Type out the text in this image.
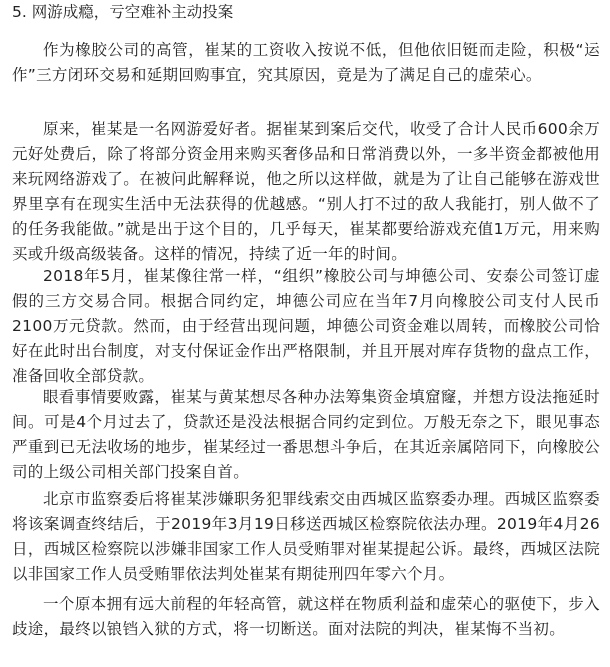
5. 网游成瘾，亏空难补主动投案

作为橡胶公司的高管，崔某的工资收入按说不低，但他依旧铤而走险，积极“运作”三方闭环交易和延期回购事宜，究其原因，竟是为了满足自己的虚荣心。

原来，崔某是一名网游爱好者。据崔某到案后交代，收受了合计人民币600余万元好处费后，除了将部分资金用来购买奢侈品和日常消费以外，一多半资金都被他用来玩网络游戏了。在被问此解释说，他之所以这样做，就是为了让自己能够在游戏世界里享有在现实生活中无法获得的优越感。“别人打不过的敌人我能打，别人做不了的任务我能做。”就是出于这个目的，几乎每天，崔某都要给游戏充值1万元，用来购买或升级高级装备。这样的情况，持续了近一年的时间。

2018年5月，崔某像往常一样，“组织”橡胶公司与坤德公司、安泰公司签订虚假的三方交易合同。根据合同约定，坤德公司应在当年7月向橡胶公司支付人民币2100万元贷款。然而，由于经营出现问题，坤德公司资金难以周转，而橡胶公司恰好在此时出台制度，对支付保证金作出严格限制，并且开展对库存货物的盘点工作，准备回收全部贷款。

眼看事情要败露，崔某与黄某想尽各种办法筹集资金填窟窿，并想方设法拖延时间。可是4个月过去了，贷款还是没法根据合同约定到位。万般无奈之下，眼见事态严重到已无法收场的地步，崔某经过一番思想斗争后，在其近亲属陪同下，向橡胶公司的上级公司相关部门投案自首。

北京市监察委后将崔某涉嫌职务犯罪线索交由西城区监察委办理。西城区监察委将该案调查终结后，于2019年3月19日移送西城区检察院依法办理。2019年4月26日，西城区检察院以涉嫌非国家工作人员受贿罪对崔某提起公诉。最终，西城区法院以非国家工作人员受贿罪依法判处崔某有期徒刑四年零六个月。

一个原本拥有远大前程的年轻高管，就这样在物质利益和虚荣心的驱使下，步入歧途，最终以锒铛入狱的方式，将一切断送。面对法院的判决，崔某悔不当初。
